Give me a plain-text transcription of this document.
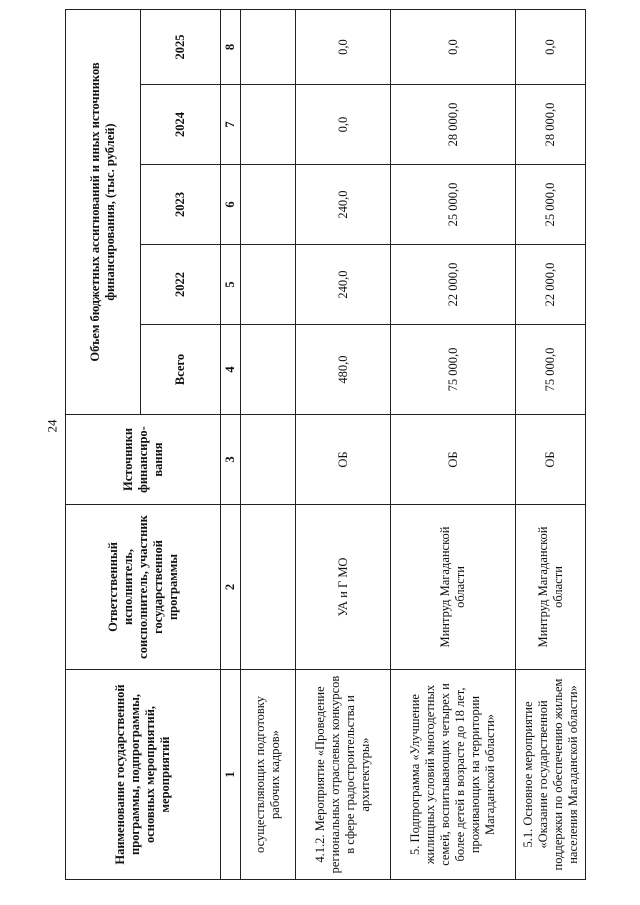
24
Наименование государственной программы, подпрограммы, основных мероприятий, мероприятий	Ответственный исполнитель, соисполнитель, участник государственной программы	Источники финансиро-вания	Объем бюджетных ассигнований и иных источников финансирования, (тыс. рублей)				
			Всего	2022	2023	2024	2025
1	2	3	4	5	6	7	8
осуществляющих подготовку рабочих кадров»							
4.1.2. Мероприятие «Проведение региональных отраслевых конкурсов в сфере градостроительства и архитектуры»	УА и Г МО	ОБ	480,0	240,0	240,0	0,0	0,0
5. Подпрограмма «Улучшение жилищных условий многодетных семей, воспитывающих четырех и более детей в возрасте до 18 лет, проживающих на территории Магаданской области»	Минтруд Магаданской области	ОБ	75 000,0	22 000,0	25 000,0	28 000,0	0,0
5.1. Основное мероприятие «Оказание государственной поддержки по обеспечению жильем населения Магаданской области»	Минтруд Магаданской области	ОБ	75 000,0	22 000,0	25 000,0	28 000,0	0,0
